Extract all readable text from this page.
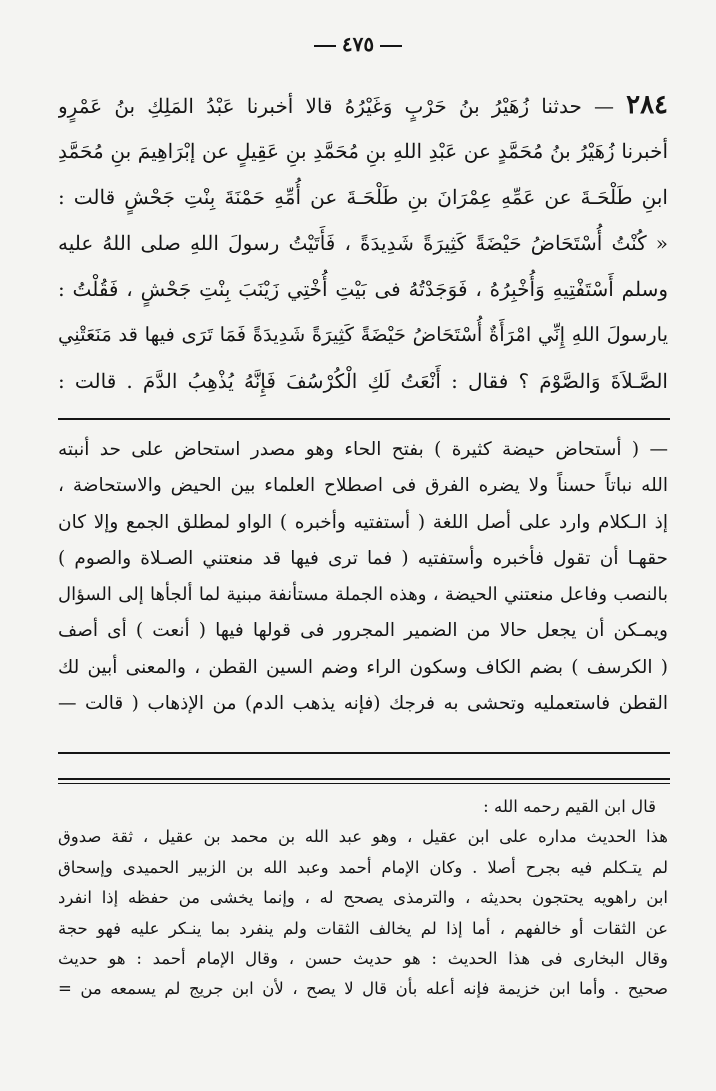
٤٧٥
٢٨٤ — حدثنا زُهَيْرُ بنُ حَرْبٍ وَغَيْرُهُ قالا أخبرنا عَبْدُ المَلِكِ بنُ عَمْرٍو
أخبرنا زُهَيْرُ بنُ مُحَمَّدٍ عن عَبْدِ اللهِ بنِ مُحَمَّدِ بنِ عَقِيلٍ عن إبْرَاهِيمَ بنِ مُحَمَّدِ
ابنِ طَلْحَـةَ عن عَمِّهِ عِمْرَانَ بنِ طَلْحَـةَ عن أُمِّهِ حَمْنَةَ بِنْتِ جَحْشٍ قالت :
« كُنْتُ أُسْتَحَاضُ حَيْضَةً كَثِيرَةً شَدِيدَةً ، فَأَتَيْتُ رسولَ اللهِ صلى اللهُ عليه
وسلم أَسْتَفْتِيهِ وَأُخْبِرُهُ ، فَوَجَدْتُهُ فى بَيْتِ أُخْتِي زَيْنَبَ بِنْتِ جَحْشٍ ، فَقُلْتُ :
يارسولَ اللهِ إِنِّي امْرَأَةٌ أُسْتَحَاضُ حَيْضَةً كَثِيرَةً شَدِيدَةً فَمَا تَرَى فيها قد مَنَعَتْنِي
الصَّـلاَةَ وَالصَّوْمَ ؟ فقال : أَنْعَتُ لَكِ الْكُرْسُفَ فَإِنَّهُ يُذْهِبُ الدَّمَ . قالت :
— ( أستحاض حيضة كثيرة ) بفتح الحاء وهو مصدر استحاض على حد أنبته
الله نباتاً حسناً ولا يضره الفرق فى اصطلاح العلماء بين الحيض والاستحاضة ،
إذ الـكلام وارد على أصل اللغة ( أستفتيه وأخبره ) الواو لمطلق الجمع وإلا كان
حقهـا أن تقول فأخبره وأستفتيه ( فما ترى فيها قد منعتني الصـلاة والصوم )
بالنصب وفاعل منعتني الحيضة ، وهذه الجملة مستأنفة مبنية لما ألجأها إلى السؤال
ويمـكن أن يجعل حالا من الضمير المجرور فى قولها فيها ( أنعت ) أى أصف
( الكرسف ) بضم الكاف وسكون الراء وضم السين القطن ، والمعنى أبين لك
القطن فاستعمليه وتحشى به فرجك (فإنه يذهب الدم) من الإذهاب ( قالت —
قال ابن القيم رحمه الله :
هذا الحديث مداره على ابن عقيل ، وهو عبد الله بن محمد بن عقيل ، ثقة صدوق
لم يتـكلم فيه بجرح أصلا . وكان الإمام أحمد وعبد الله بن الزبير الحميدى وإسحاق
ابن راهويه يحتجون بحديثه ، والترمذى يصحح له ، وإنما يخشى من حفظه إذا انفرد
عن الثقات أو خالفهم ، أما إذا لم يخالف الثقات ولم ينفرد بما ينـكر عليه فهو حجة
وقال البخارى فى هذا الحديث : هو حديث حسن ، وقال الإمام أحمد : هو حديث
صحيح . وأما ابن خزيمة فإنه أعله بأن قال لا يصح ، لأن ابن جريج لم يسمعه من =
